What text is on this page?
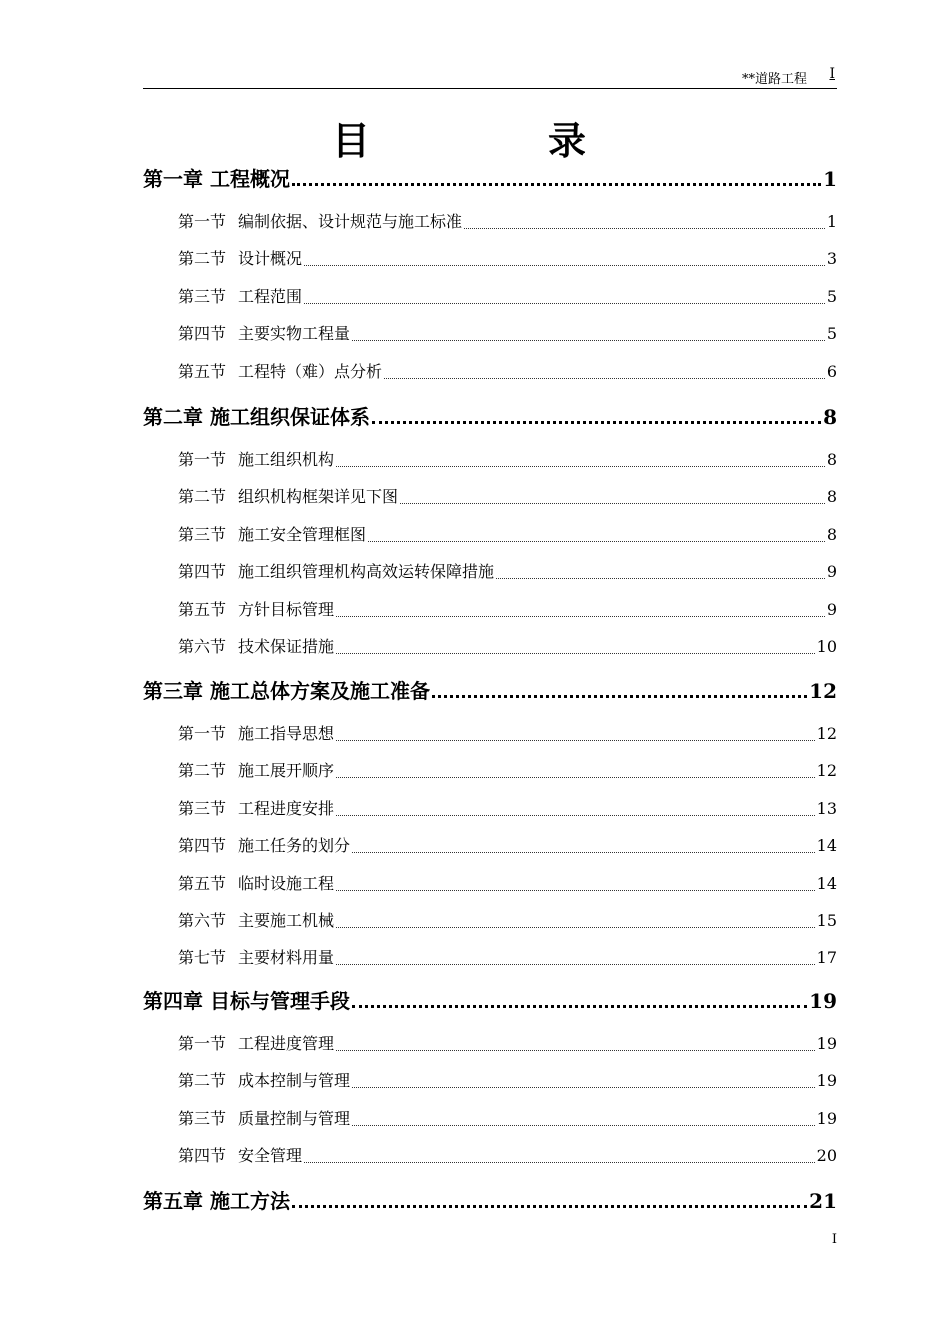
**道路工程 I
目　录
第一章 工程概况	1
第一节 编制依据、设计规范与施工标准	1
第二节 设计概况	3
第三节 工程范围	5
第四节 主要实物工程量	5
第五节 工程特（难）点分析	6
第二章 施工组织保证体系	8
第一节 施工组织机构	8
第二节 组织机构框架详见下图	8
第三节 施工安全管理框图	8
第四节 施工组织管理机构高效运转保障措施	9
第五节 方针目标管理	9
第六节 技术保证措施	10
第三章 施工总体方案及施工准备	12
第一节 施工指导思想	12
第二节 施工展开顺序	12
第三节 工程进度安排	13
第四节 施工任务的划分	14
第五节 临时设施工程	14
第六节 主要施工机械	15
第七节 主要材料用量	17
第四章 目标与管理手段	19
第一节 工程进度管理	19
第二节 成本控制与管理	19
第三节 质量控制与管理	19
第四节 安全管理	20
第五章 施工方法	21
I
